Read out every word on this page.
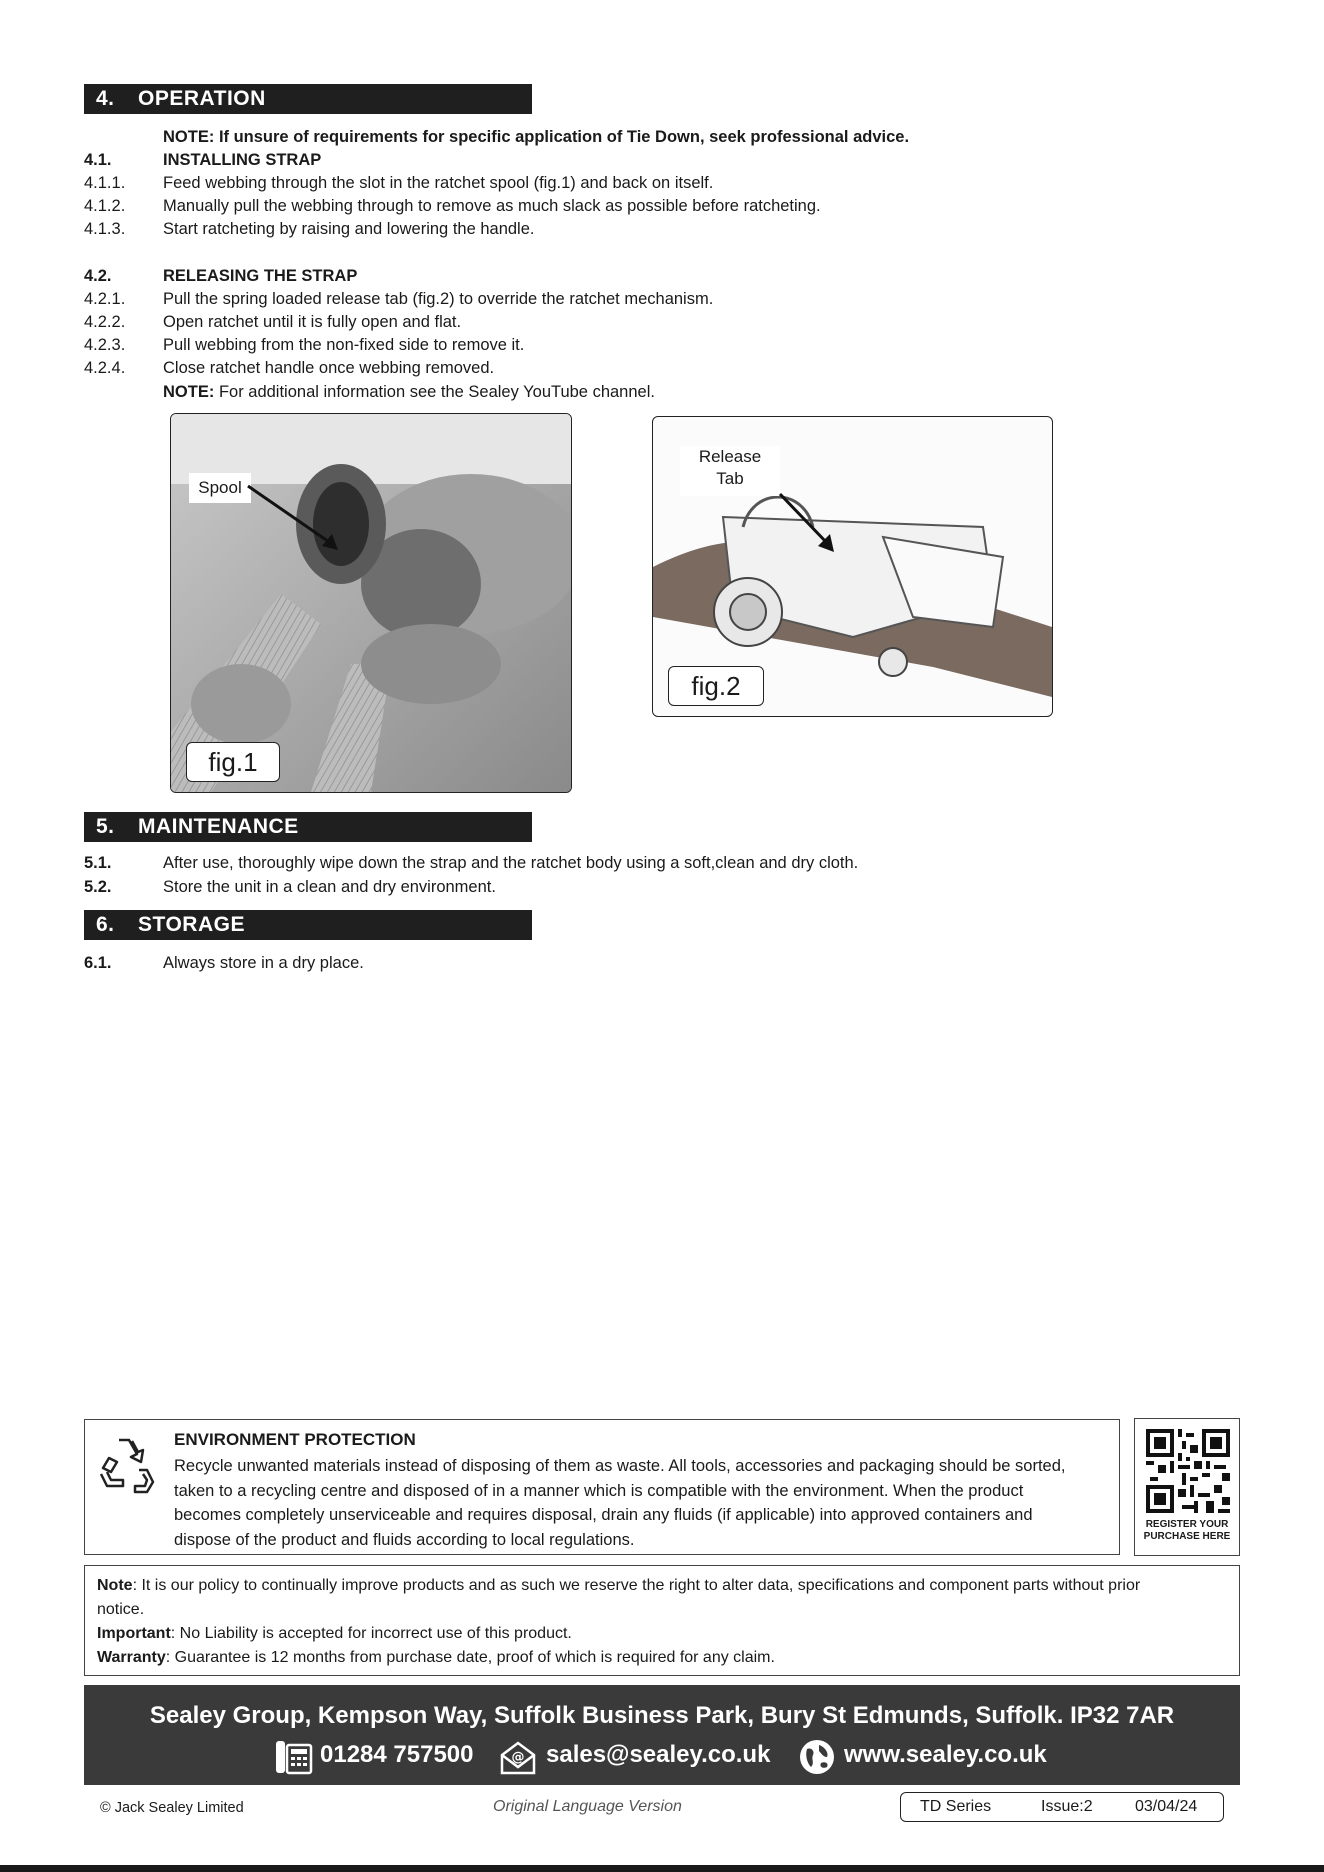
4. OPERATION
NOTE: If unsure of requirements for specific application of Tie Down, seek professional advice.
4.1.	INSTALLING STRAP
4.1.1.	Feed webbing through the slot in the ratchet spool (fig.1) and back on itself.
4.1.2.	Manually pull the webbing through to remove as much slack as possible before ratcheting.
4.1.3.	Start ratcheting by raising and lowering the handle.
4.2.	RELEASING THE STRAP
4.2.1.	Pull the spring loaded release tab (fig.2) to override the ratchet mechanism.
4.2.2.	Open ratchet until it is fully open and flat.
4.2.3.	Pull webbing from the non-fixed side to remove it.
4.2.4.	Close ratchet handle once webbing removed.
NOTE: For additional information see the Sealey YouTube channel.
Spool
fig.1
Release
Tab
fig.2
5. MAINTENANCE
5.1.	After use, thoroughly wipe down the strap and the ratchet body using a soft,clean and dry cloth.
5.2.	Store the unit in a clean and dry environment.
6. STORAGE
6.1.	Always store in a dry place.
ENVIRONMENT PROTECTION
Recycle unwanted materials instead of disposing of them as waste. All tools, accessories and packaging should be sorted,
taken to a recycling centre and disposed of in a manner which is compatible with the environment. When the product
becomes completely unserviceable and requires disposal, drain any fluids (if applicable) into approved containers and
dispose of the product and fluids according to local regulations.
REGISTER YOUR
PURCHASE HERE
Note: It is our policy to continually improve products and as such we reserve the right to alter data, specifications and component parts without prior
notice.
Important: No Liability is accepted for incorrect use of this product.
Warranty: Guarantee is 12 months from purchase date, proof of which is required for any claim.
Sealey Group, Kempson Way, Suffolk Business Park, Bury St Edmunds, Suffolk. IP32 7AR
01284 757500	@ sales@sealey.co.uk	www.sealey.co.uk
© Jack Sealey Limited	Original Language Version	TD Series	Issue:2	03/04/24
